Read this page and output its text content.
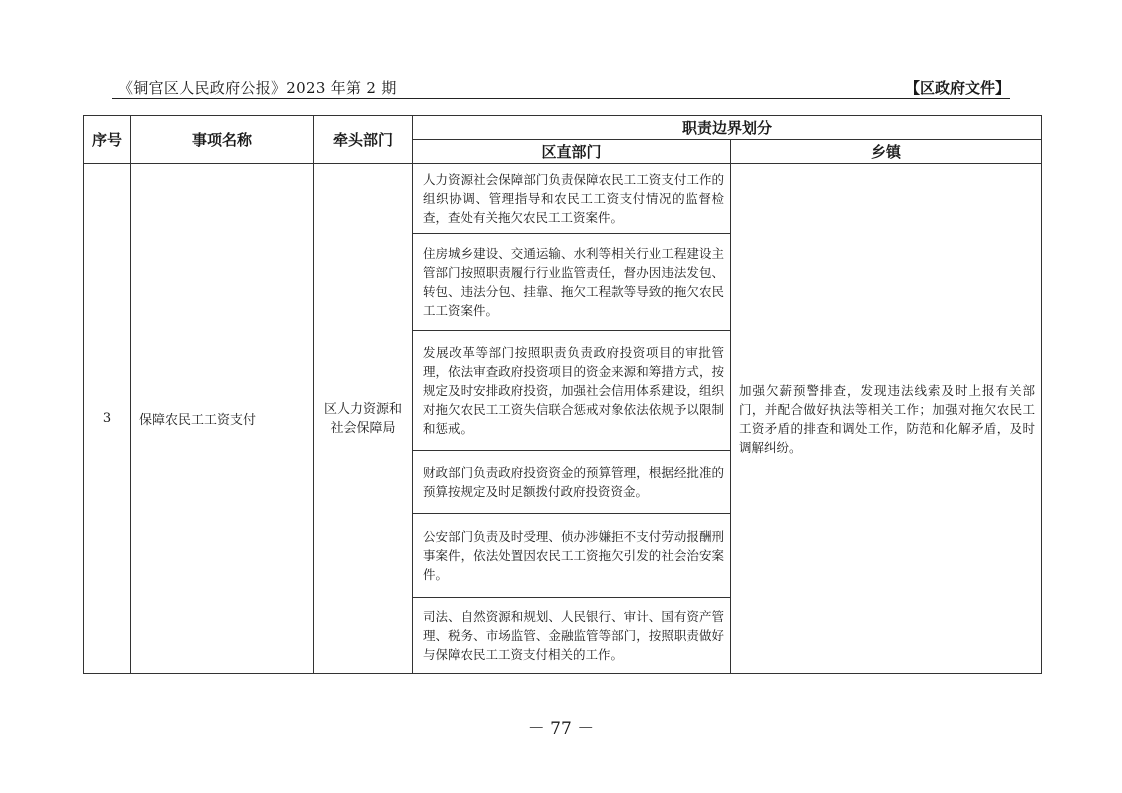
《铜官区人民政府公报》2023 年第 2 期	【区政府文件】
序号	事项名称	牵头部门	职责边界划分	
			区直部门	乡镇
3	保障农民工工资支付	区人力资源和社会保障局	人力资源社会保障部门负责保障农民工工资支付工作的组织协调、管理指导和农民工工资支付情况的监督检查，查处有关拖欠农民工工资案件。	加强欠薪预警排查，发现违法线索及时上报有关部门，并配合做好执法等相关工作；加强对拖欠农民工工资矛盾的排查和调处工作，防范和化解矛盾，及时调解纠纷。
			住房城乡建设、交通运输、水利等相关行业工程建设主管部门按照职责履行行业监管责任，督办因违法发包、转包、违法分包、挂靠、拖欠工程款等导致的拖欠农民工工资案件。	
			发展改革等部门按照职责负责政府投资项目的审批管理，依法审查政府投资项目的资金来源和筹措方式，按规定及时安排政府投资，加强社会信用体系建设，组织对拖欠农民工工资失信联合惩戒对象依法依规予以限制和惩戒。	
			财政部门负责政府投资资金的预算管理，根据经批准的预算按规定及时足额拨付政府投资资金。	
			公安部门负责及时受理、侦办涉嫌拒不支付劳动报酬刑事案件，依法处置因农民工工资拖欠引发的社会治安案件。	
			司法、自然资源和规划、人民银行、审计、国有资产管理、税务、市场监管、金融监管等部门，按照职责做好与保障农民工工资支付相关的工作。	
－ 77 －
